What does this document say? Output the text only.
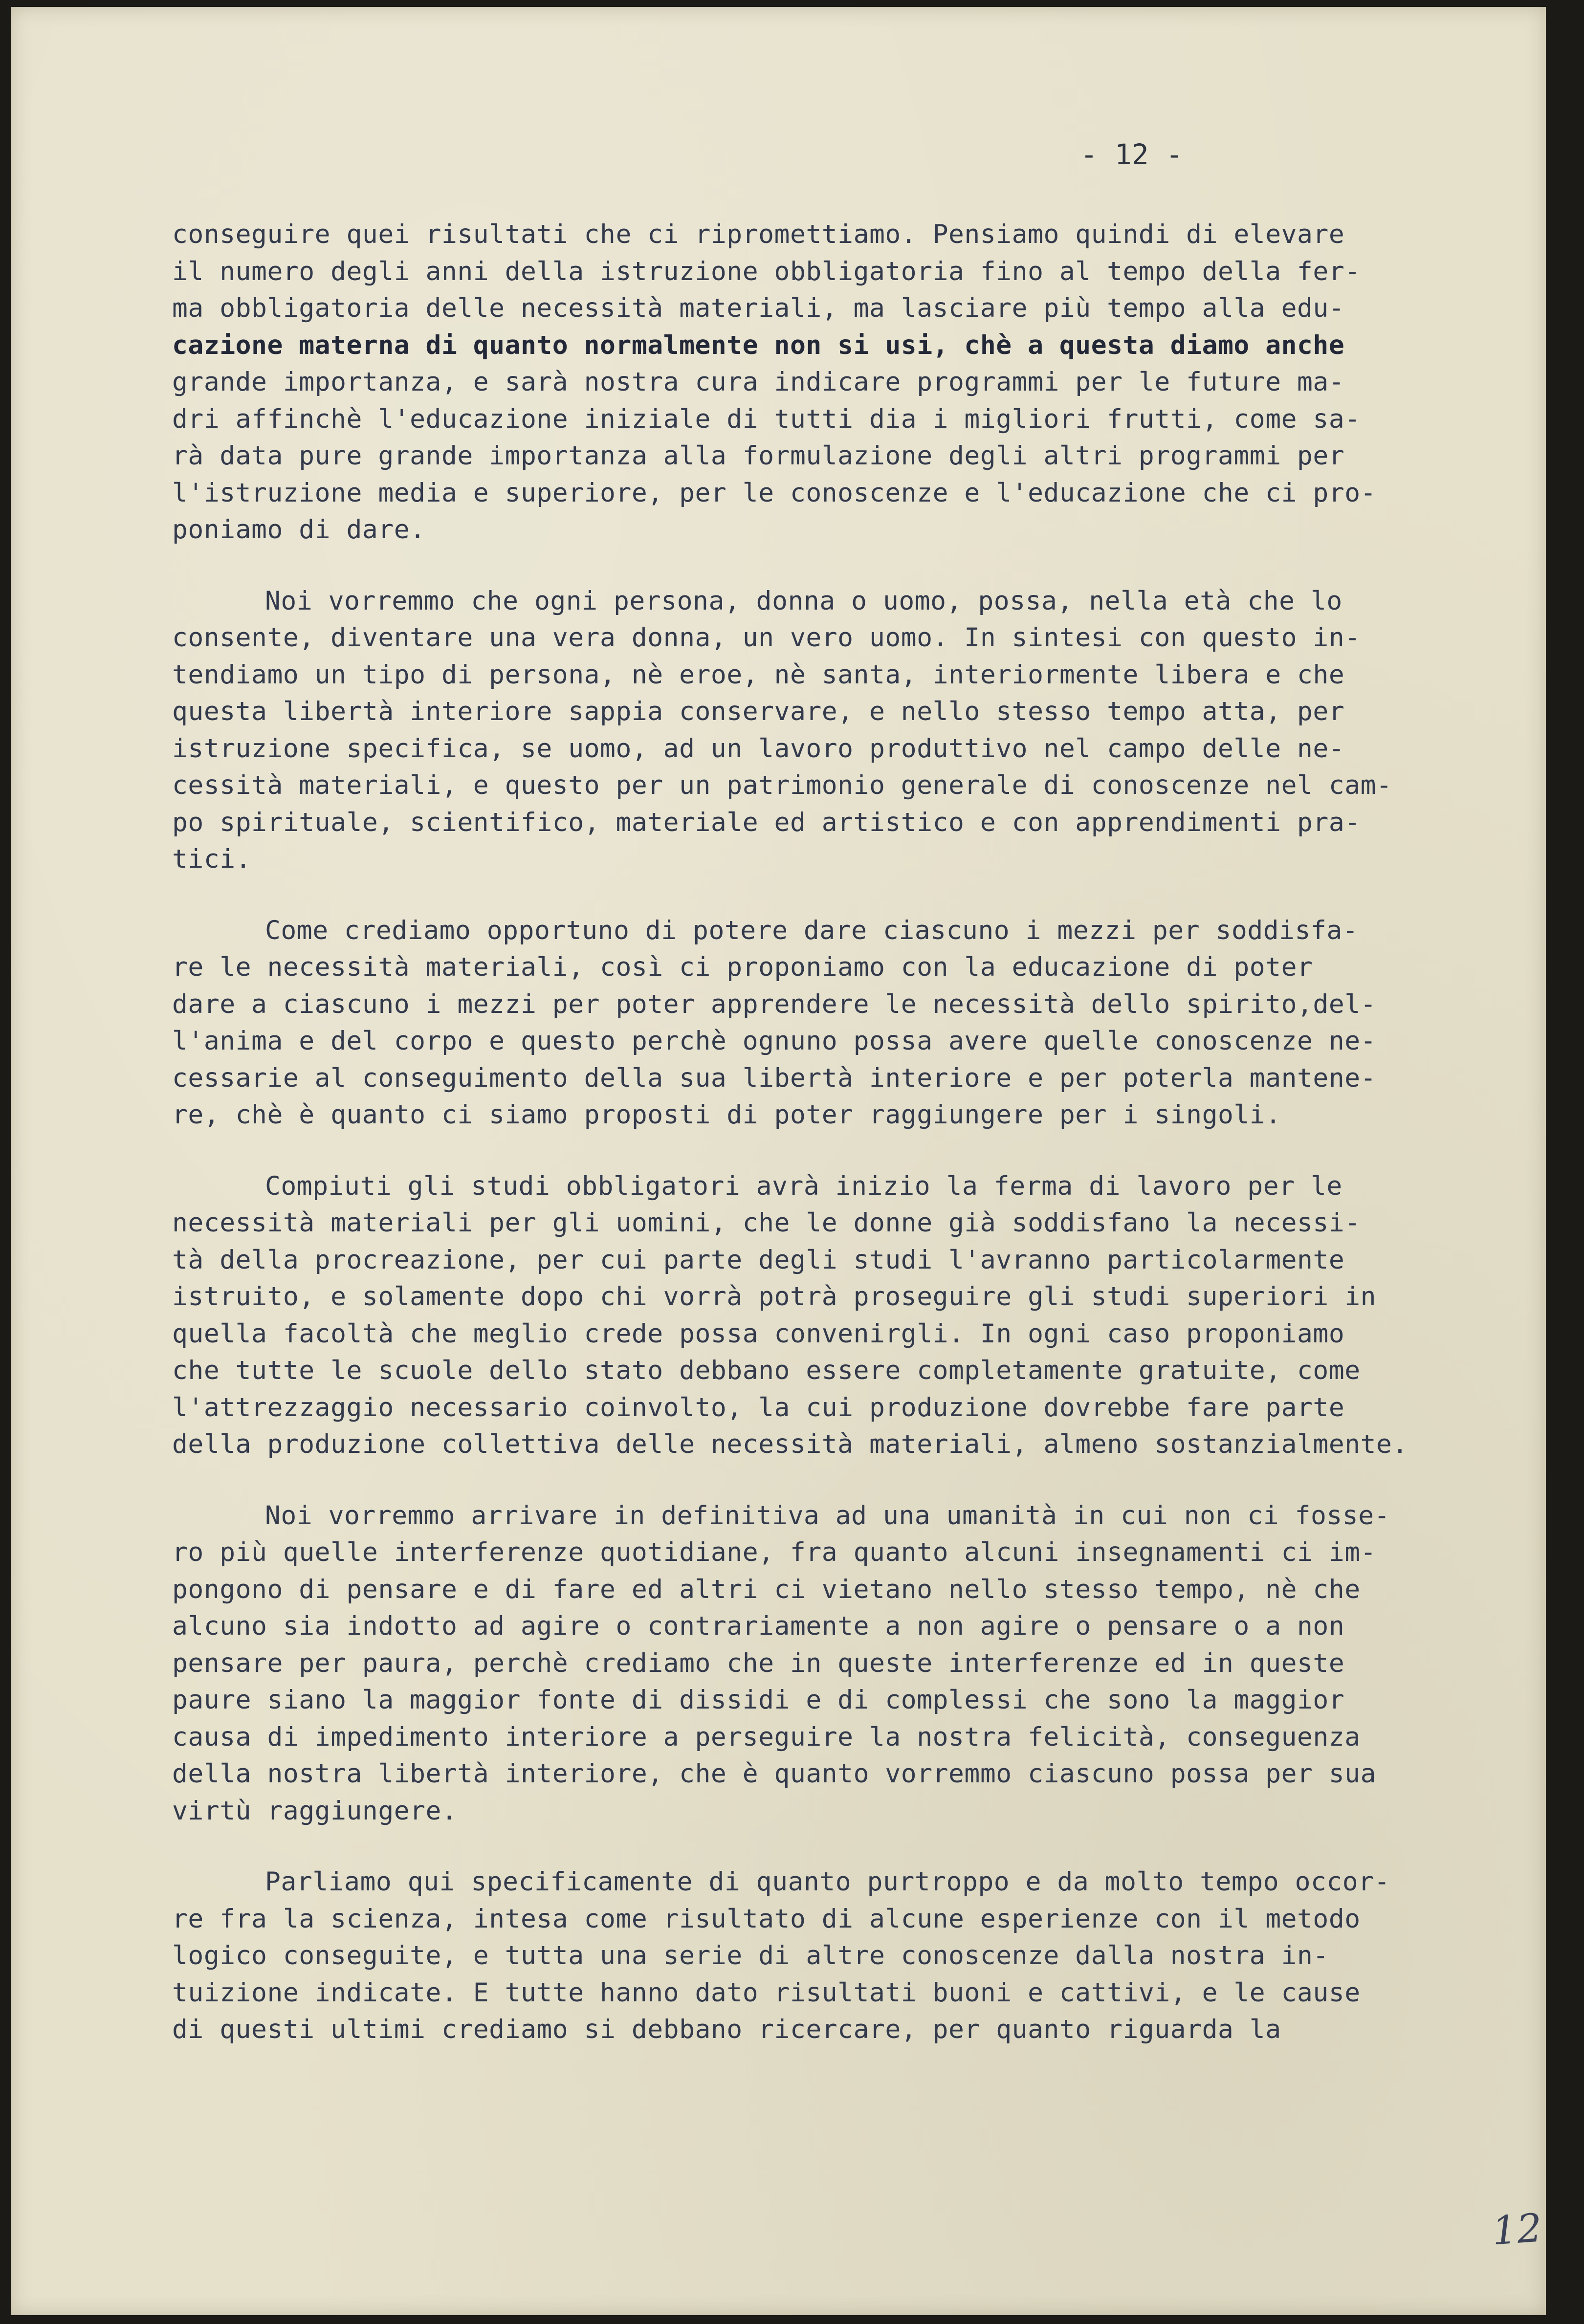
- 12 -

conseguire quei risultati che ci ripromettiamo. Pensiamo quindi di elevare
il numero degli anni della istruzione obbligatoria fino al tempo della fer-
ma obbligatoria delle necessità materiali, ma lasciare più tempo alla edu-
cazione materna di quanto normalmente non si usi, chè a questa diamo anche
grande importanza, e sarà nostra cura indicare programmi per le future ma-
dri affinchè l'educazione iniziale di tutti dia i migliori frutti, come sa-
rà data pure grande importanza alla formulazione degli altri programmi per
l'istruzione media e superiore, per le conoscenze e l'educazione che ci pro-
poniamo di dare.

Noi vorremmo che ogni persona, donna o uomo, possa, nella età che lo
consente, diventare una vera donna, un vero uomo. In sintesi con questo in-
tendiamo un tipo di persona, nè eroe, nè santa, interiormente libera e che
questa libertà interiore sappia conservare, e nello stesso tempo atta, per
istruzione specifica, se uomo, ad un lavoro produttivo nel campo delle ne-
cessità materiali, e questo per un patrimonio generale di conoscenze nel cam-
po spirituale, scientifico, materiale ed artistico e con apprendimenti pra-
tici.

Come crediamo opportuno di potere dare ciascuno i mezzi per soddisfa-
re le necessità materiali, così ci proponiamo con la educazione di poter
dare a ciascuno i mezzi per poter apprendere le necessità dello spirito,del-
l'anima e del corpo e questo perchè ognuno possa avere quelle conoscenze ne-
cessarie al conseguimento della sua libertà interiore e per poterla mantene-
re, chè è quanto ci siamo proposti di poter raggiungere per i singoli.

Compiuti gli studi obbligatori avrà inizio la ferma di lavoro per le
necessità materiali per gli uomini, che le donne già soddisfano la necessi-
tà della procreazione, per cui parte degli studi l'avranno particolarmente
istruito, e solamente dopo chi vorrà potrà proseguire gli studi superiori in
quella facoltà che meglio crede possa convenirgli. In ogni caso proponiamo
che tutte le scuole dello stato debbano essere completamente gratuite, come
l'attrezzaggio necessario coinvolto, la cui produzione dovrebbe fare parte
della produzione collettiva delle necessità materiali, almeno sostanzialmente.

Noi vorremmo arrivare in definitiva ad una umanità in cui non ci fosse-
ro più quelle interferenze quotidiane, fra quanto alcuni insegnamenti ci im-
pongono di pensare e di fare ed altri ci vietano nello stesso tempo, nè che
alcuno sia indotto ad agire o contrariamente a non agire o pensare o a non
pensare per paura, perchè crediamo che in queste interferenze ed in queste
paure siano la maggior fonte di dissidi e di complessi che sono la maggior
causa di impedimento interiore a perseguire la nostra felicità, conseguenza
della nostra libertà interiore, che è quanto vorremmo ciascuno possa per sua
virtù raggiungere.

Parliamo qui specificamente di quanto purtroppo e da molto tempo occor-
re fra la scienza, intesa come risultato di alcune esperienze con il metodo
logico conseguite, e tutta una serie di altre conoscenze dalla nostra in-
tuizione indicate. E tutte hanno dato risultati buoni e cattivi, e le cause
di questi ultimi crediamo si debbano ricercare, per quanto riguarda la

12
